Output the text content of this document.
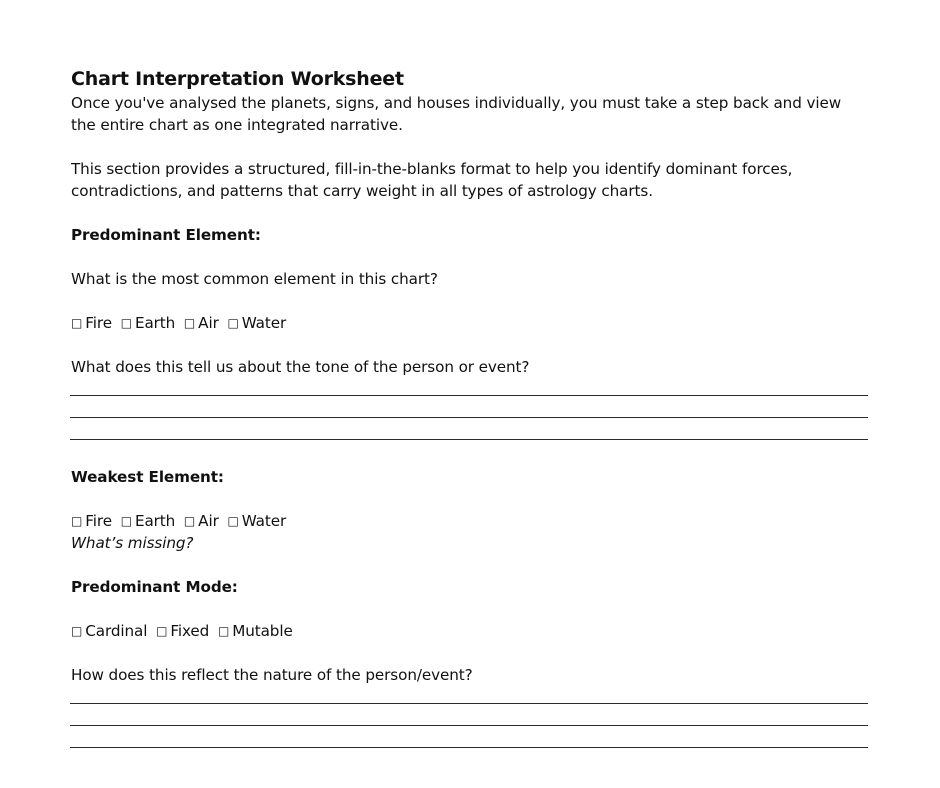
Chart Interpretation Worksheet
Once you've analysed the planets, signs, and houses individually, you must take a step back and view
the entire chart as one integrated narrative.
This section provides a structured, fill-in-the-blanks format to help you identify dominant forces,
contradictions, and patterns that carry weight in all types of astrology charts.
Predominant Element:
What is the most common element in this chart?
□ Fire □ Earth □ Air □ Water
What does this tell us about the tone of the person or event?
Weakest Element:
□ Fire □ Earth □ Air □ Water
What’s missing?
Predominant Mode:
□ Cardinal □ Fixed □ Mutable
How does this reflect the nature of the person/event?
